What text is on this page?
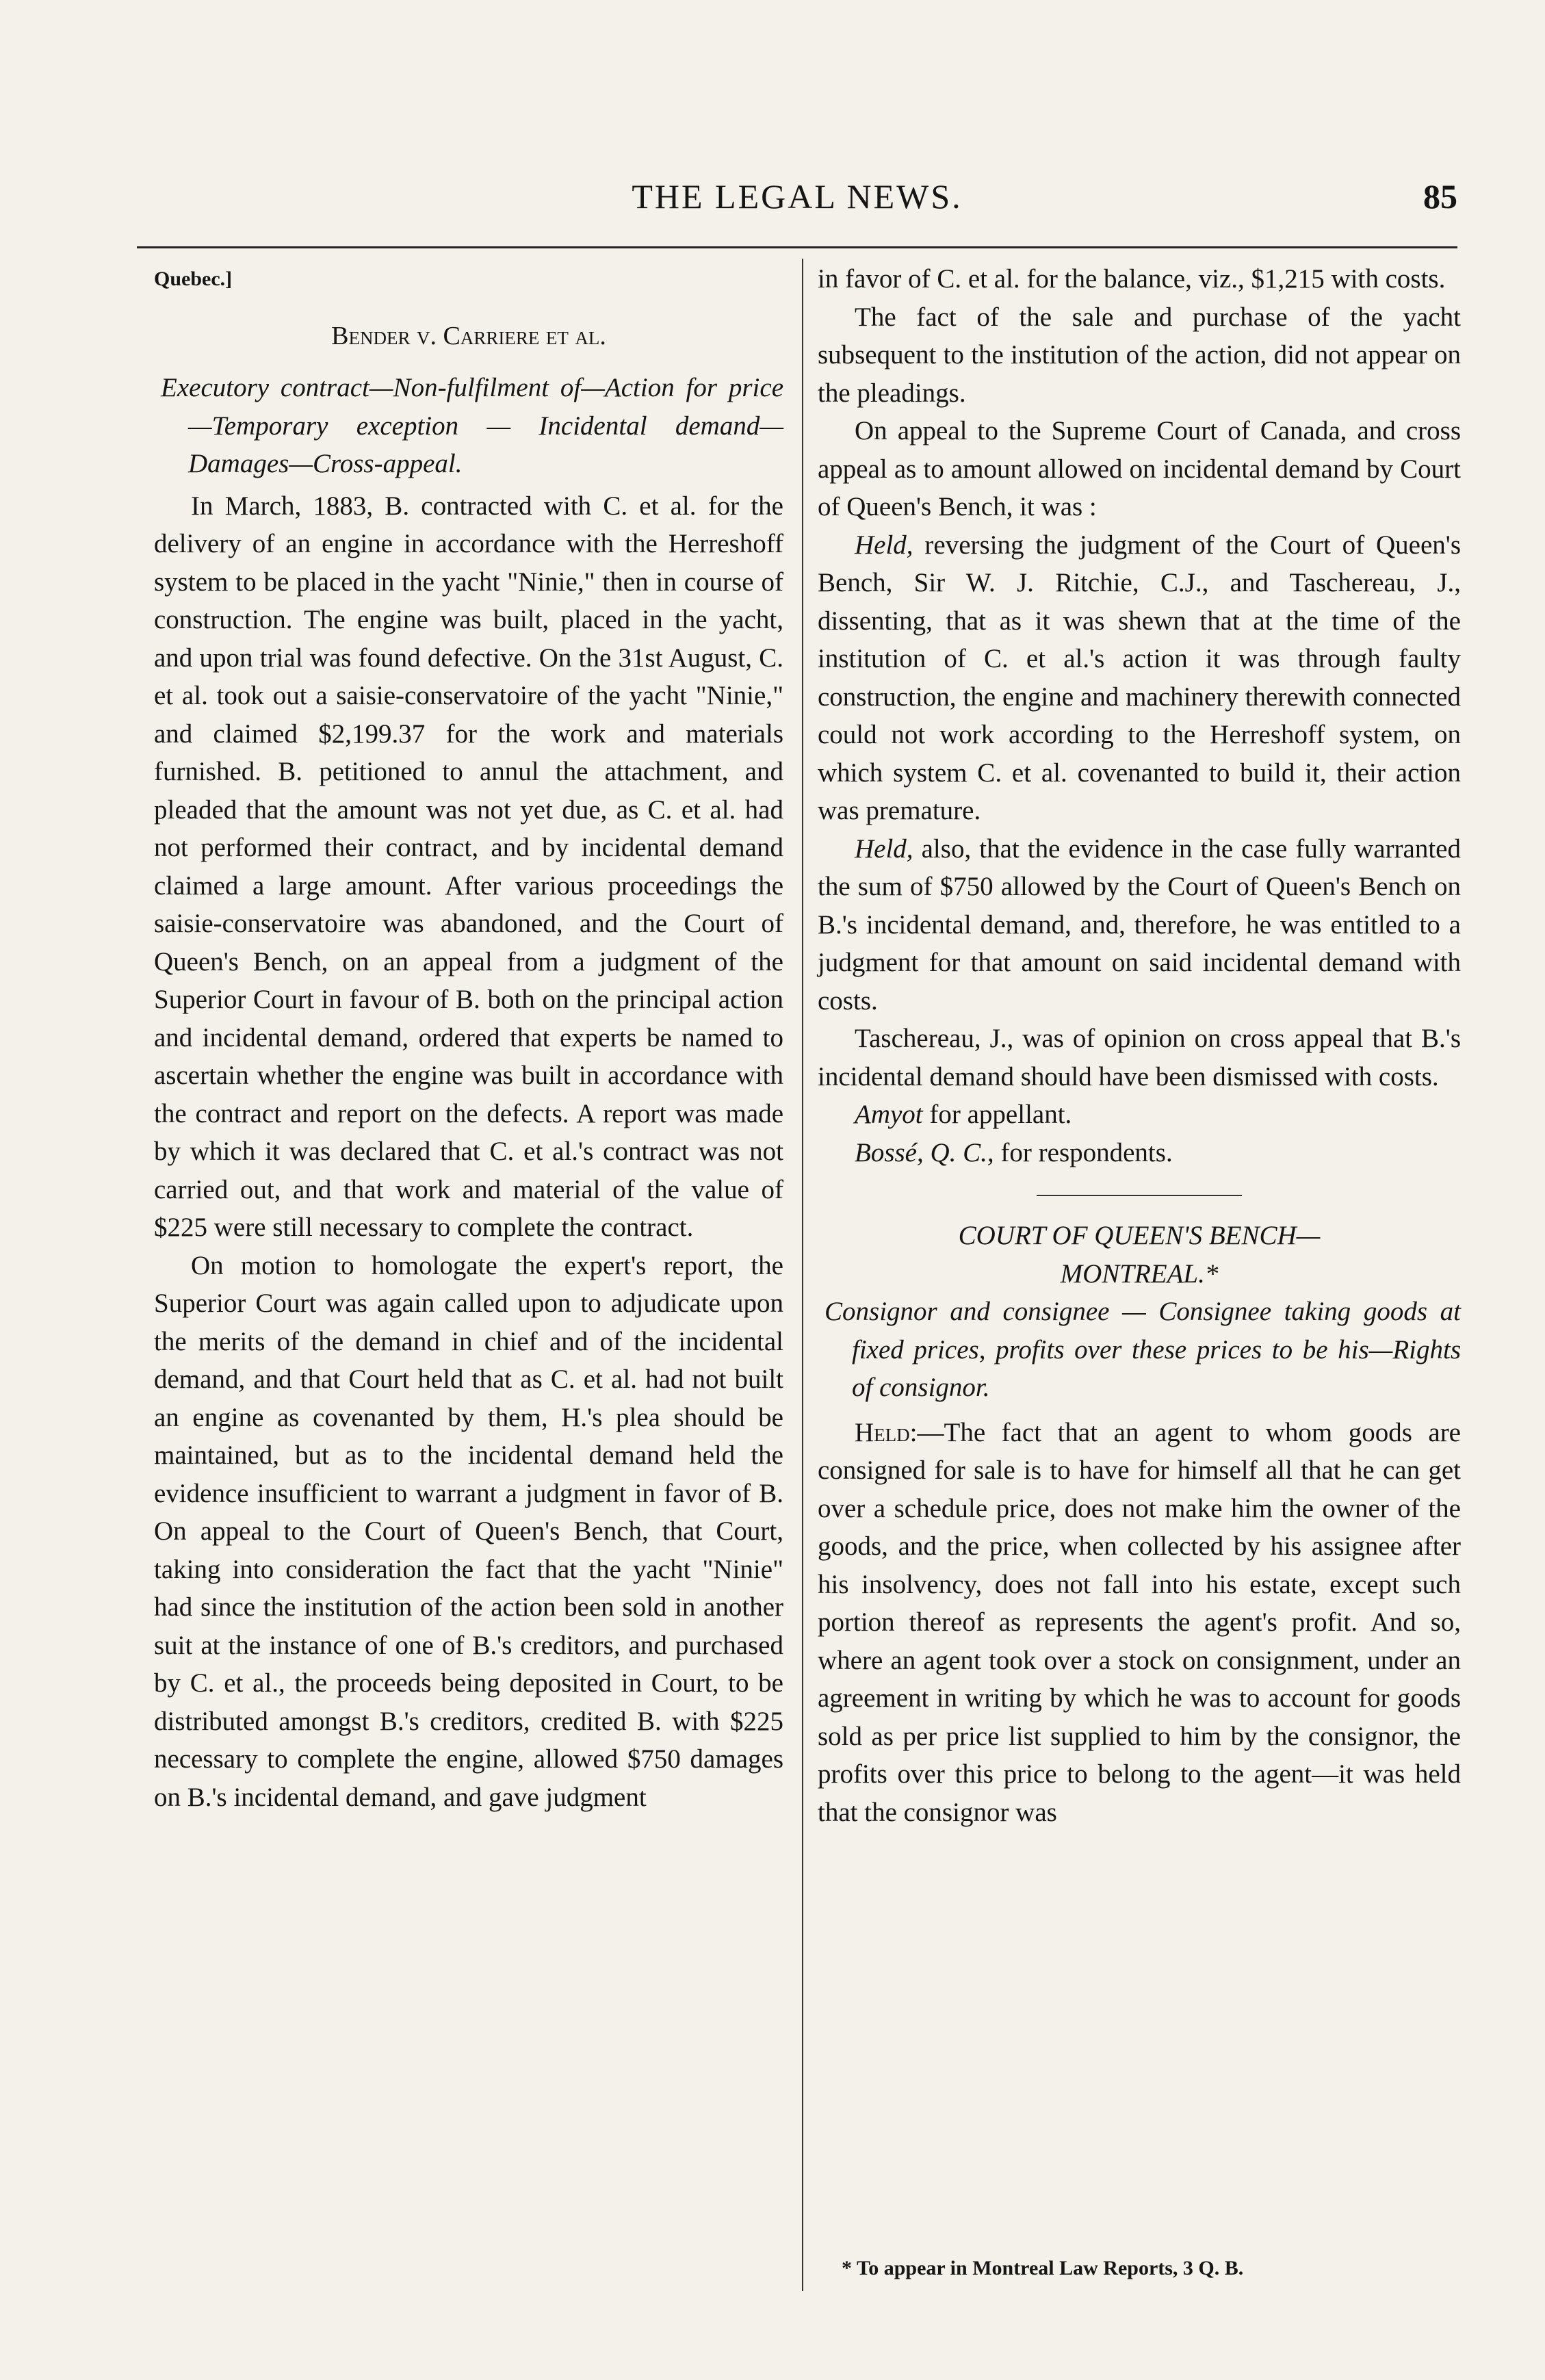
THE LEGAL NEWS.	85

Quebec.]

Bender v. Carriere et al.

Executory contract—Non-fulfilment of—Action for price—Temporary exception — Incidental demand—Damages—Cross-appeal.

In March, 1883, B. contracted with C. et al. for the delivery of an engine in accordance with the Herreshoff system to be placed in the yacht "Ninie," then in course of construction. The engine was built, placed in the yacht, and upon trial was found defective. On the 31st August, C. et al. took out a saisie-conservatoire of the yacht "Ninie," and claimed $2,199.37 for the work and materials furnished. B. petitioned to annul the attachment, and pleaded that the amount was not yet due, as C. et al. had not performed their contract, and by incidental demand claimed a large amount. After various proceedings the saisie-conservatoire was abandoned, and the Court of Queen's Bench, on an appeal from a judgment of the Superior Court in favour of B. both on the principal action and incidental demand, ordered that experts be named to ascertain whether the engine was built in accordance with the contract and report on the defects. A report was made by which it was declared that C. et al.'s contract was not carried out, and that work and material of the value of $225 were still necessary to complete the contract.

On motion to homologate the expert's report, the Superior Court was again called upon to adjudicate upon the merits of the demand in chief and of the incidental demand, and that Court held that as C. et al. had not built an engine as covenanted by them, H.'s plea should be maintained, but as to the incidental demand held the evidence insufficient to warrant a judgment in favor of B. On appeal to the Court of Queen's Bench, that Court, taking into consideration the fact that the yacht "Ninie" had since the institution of the action been sold in another suit at the instance of one of B.'s creditors, and purchased by C. et al., the proceeds being deposited in Court, to be distributed amongst B.'s creditors, credited B. with $225 necessary to complete the engine, allowed $750 damages on B.'s incidental demand, and gave judgment

in favor of C. et al. for the balance, viz., $1,215 with costs.

The fact of the sale and purchase of the yacht subsequent to the institution of the action, did not appear on the pleadings.

On appeal to the Supreme Court of Canada, and cross appeal as to amount allowed on incidental demand by Court of Queen's Bench, it was :

Held, reversing the judgment of the Court of Queen's Bench, Sir W. J. Ritchie, C.J., and Taschereau, J., dissenting, that as it was shewn that at the time of the institution of C. et al.'s action it was through faulty construction, the engine and machinery therewith connected could not work according to the Herreshoff system, on which system C. et al. covenanted to build it, their action was premature.

Held, also, that the evidence in the case fully warranted the sum of $750 allowed by the Court of Queen's Bench on B.'s incidental demand, and, therefore, he was entitled to a judgment for that amount on said incidental demand with costs.

Taschereau, J., was of opinion on cross appeal that B.'s incidental demand should have been dismissed with costs.

Amyot for appellant.

Bossé, Q. C., for respondents.

COURT OF QUEEN'S BENCH—

MONTREAL.*

Consignor and consignee — Consignee taking goods at fixed prices, profits over these prices to be his—Rights of consignor.

Held:—The fact that an agent to whom goods are consigned for sale is to have for himself all that he can get over a schedule price, does not make him the owner of the goods, and the price, when collected by his assignee after his insolvency, does not fall into his estate, except such portion thereof as represents the agent's profit. And so, where an agent took over a stock on consignment, under an agreement in writing by which he was to account for goods sold as per price list supplied to him by the consignor, the profits over this price to belong to the agent—it was held that the consignor was

* To appear in Montreal Law Reports, 3 Q. B.
